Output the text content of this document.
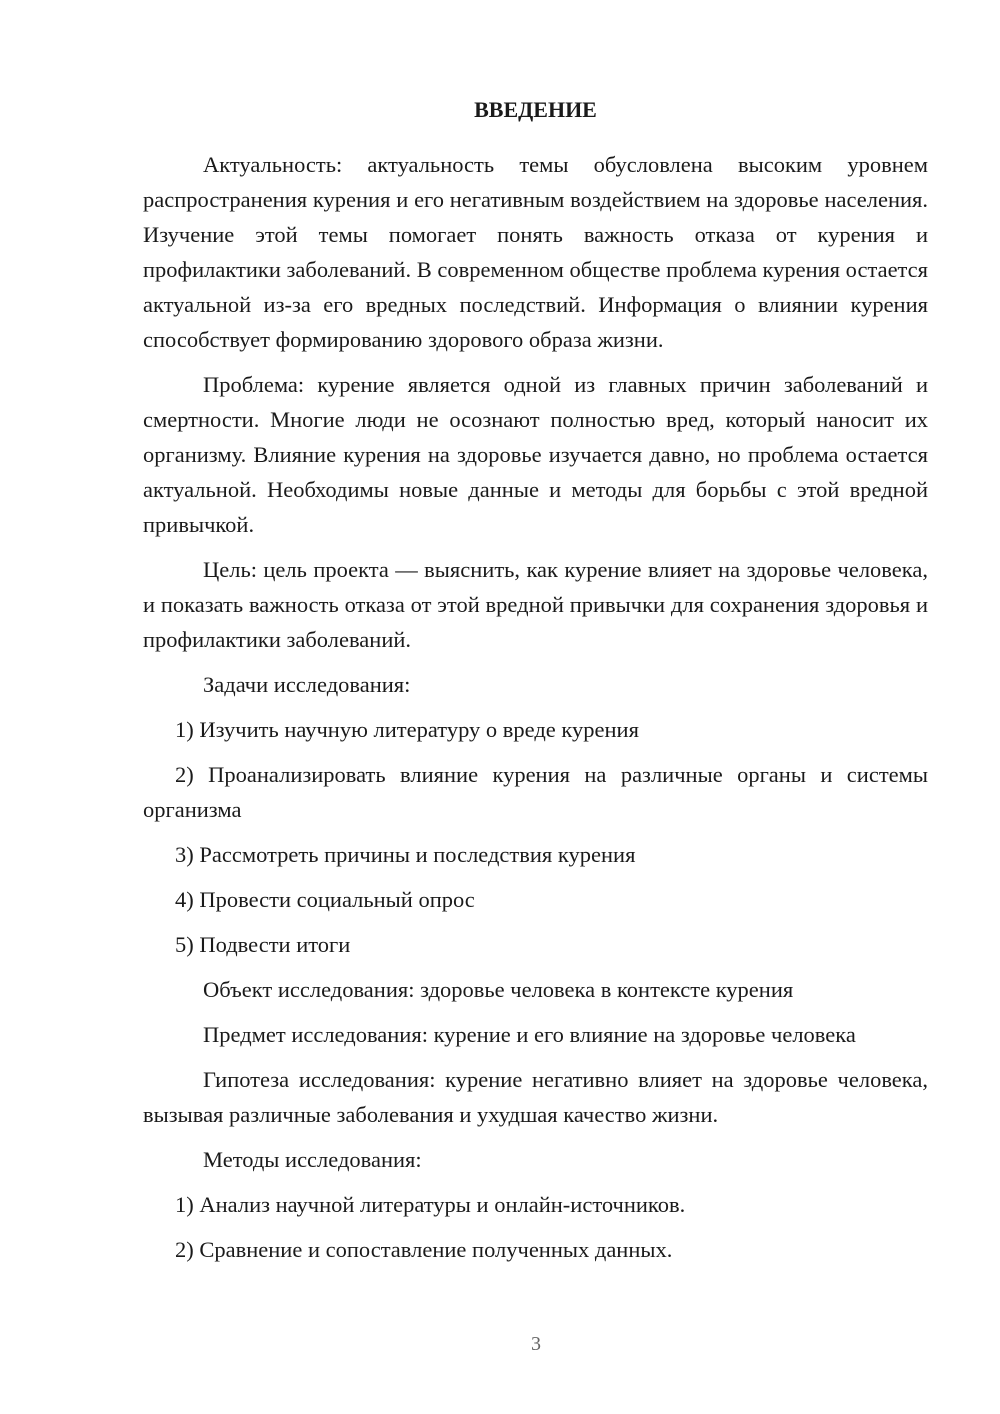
ВВЕДЕНИЕ

Актуальность: актуальность темы обусловлена высоким уровнем распространения курения и его негативным воздействием на здоровье населения. Изучение этой темы помогает понять важность отказа от курения и профилактики заболеваний. В современном обществе проблема курения остается актуальной из-за его вредных последствий. Информация о влиянии курения способствует формированию здорового образа жизни.

Проблема: курение является одной из главных причин заболеваний и смертности. Многие люди не осознают полностью вред, который наносит их организму. Влияние курения на здоровье изучается давно, но проблема остается актуальной. Необходимы новые данные и методы для борьбы с этой вредной привычкой.

Цель: цель проекта — выяснить, как курение влияет на здоровье человека, и показать важность отказа от этой вредной привычки для сохранения здоровья и профилактики заболеваний.

Задачи исследования:

1) Изучить научную литературу о вреде курения

2) Проанализировать влияние курения на различные органы и системы организма

3) Рассмотреть причины и последствия курения

4) Провести социальный опрос

5) Подвести итоги

Объект исследования: здоровье человека в контексте курения

Предмет исследования: курение и его влияние на здоровье человека

Гипотеза исследования: курение негативно влияет на здоровье человека, вызывая различные заболевания и ухудшая качество жизни.

Методы исследования:

1) Анализ научной литературы и онлайн-источников.

2) Сравнение и сопоставление полученных данных.

3
